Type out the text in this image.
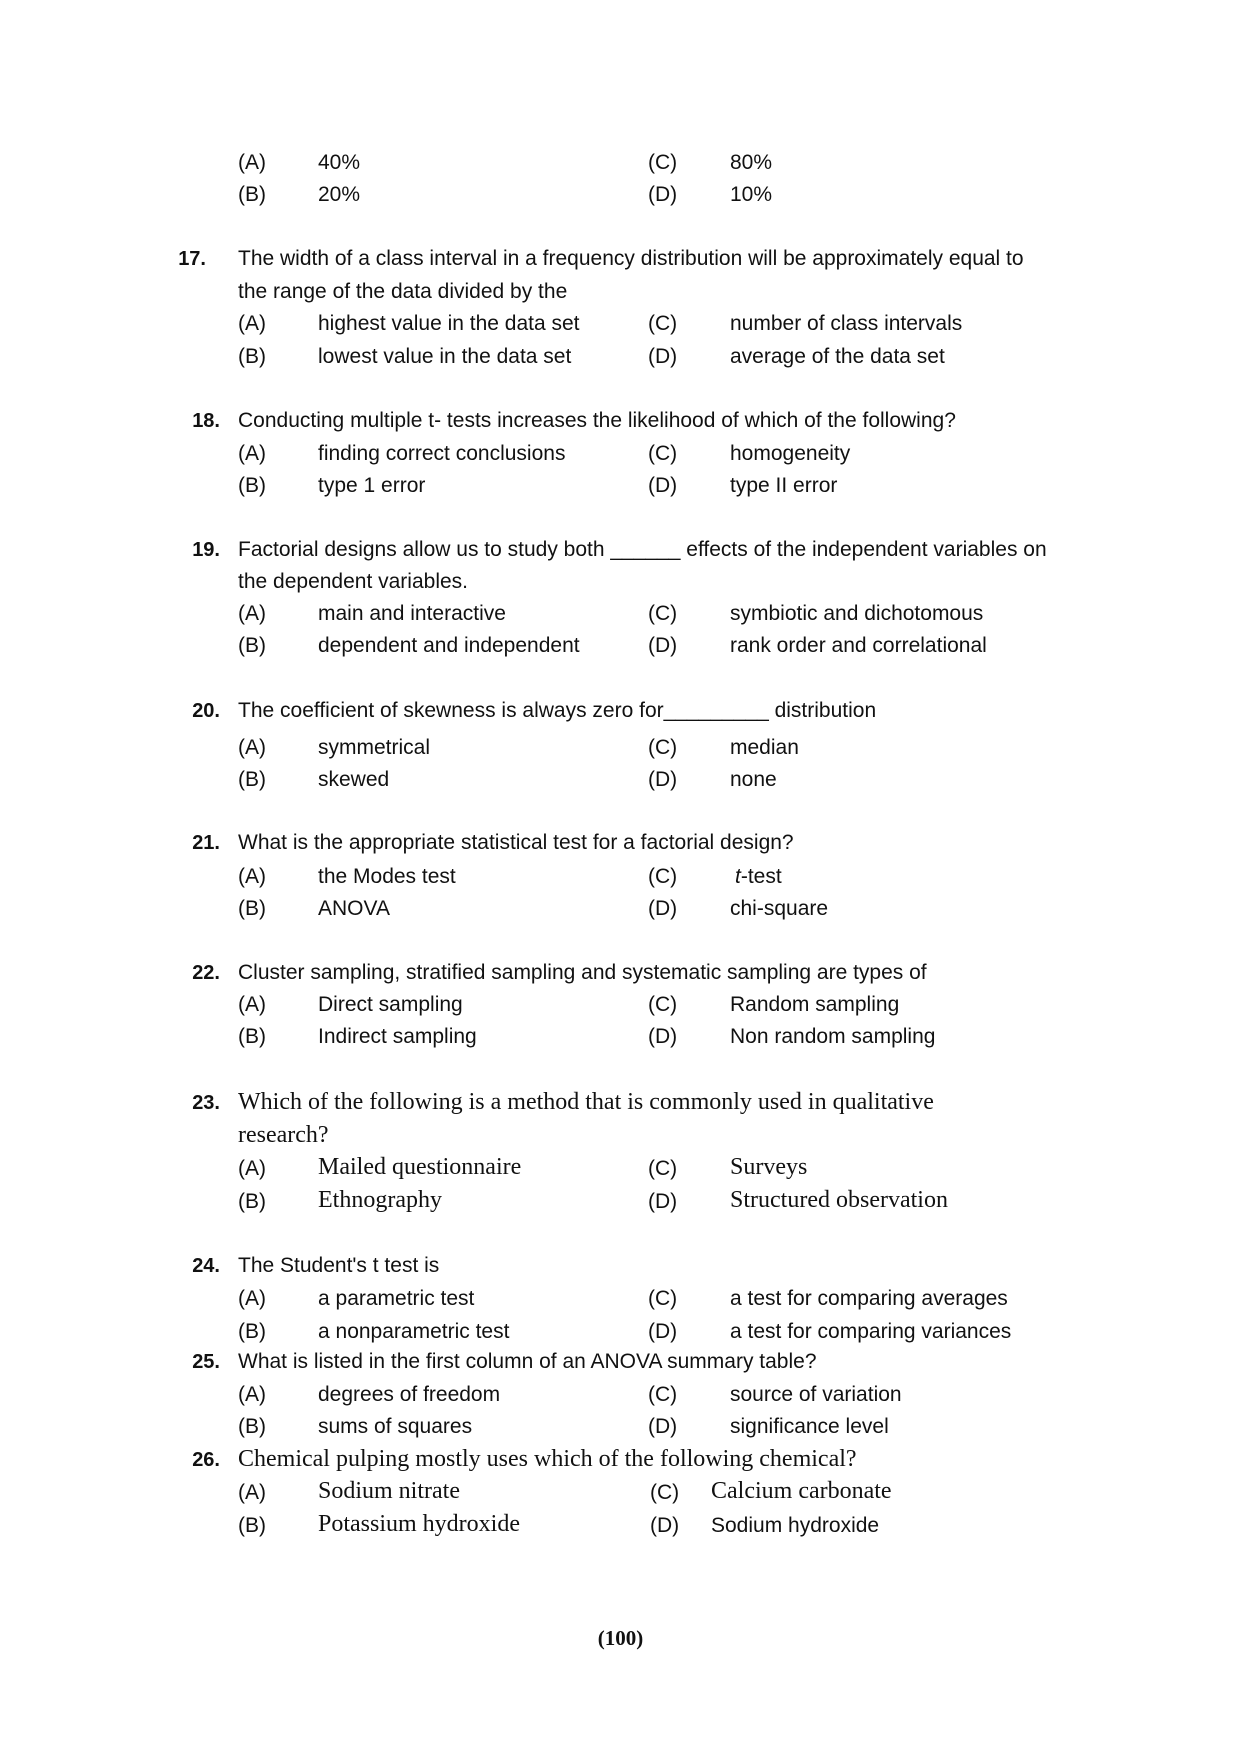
(A) 40%	(C)	80%
(B) 20%	(D)	10%
17. The width of a class interval in a frequency distribution will be approximately equal to
the range of the data divided by the
(A) highest value in the data set	(C)	number of class intervals
(B) lowest value in the data set	(D)	average of the data set
18. Conducting multiple t- tests increases the likelihood of which of the following?
(A) finding correct conclusions	(C)	homogeneity
(B) type 1 error	(D)	type II error
19. Factorial designs allow us to study both ______ effects of the independent variables on
the dependent variables.
(A) main and interactive	(C)	symbiotic and dichotomous
(B) dependent and independent	(D)	rank order and correlational
20. The coefficient of skewness is always zero for_________ distribution
(A) symmetrical	(C)	median
(B) skewed	(D)	none
21. What is the appropriate statistical test for a factorial design?
(A) the Modes test	(C)	t-test
(B) ANOVA	(D)	chi-square
22. Cluster sampling, stratified sampling and systematic sampling are types of
(A) Direct sampling	(C)	Random sampling
(B) Indirect sampling	(D)	Non random sampling
23. Which of the following is a method that is commonly used in qualitative
research?
(A) Mailed questionnaire	(C) Surveys
(B) Ethnography	(D) Structured observation
24. The Student's t test is
(A) a parametric test	(C)	a test for comparing averages
(B) a nonparametric test	(D)	a test for comparing variances
25. What is listed in the first column of an ANOVA summary table?
(A) degrees of freedom	(C)	source of variation
(B) sums of squares	(D)	significance level
26. Chemical pulping mostly uses which of the following chemical?
(A) Sodium nitrate	(C) Calcium carbonate
(B) Potassium hydroxide	(D) Sodium hydroxide
(100)
